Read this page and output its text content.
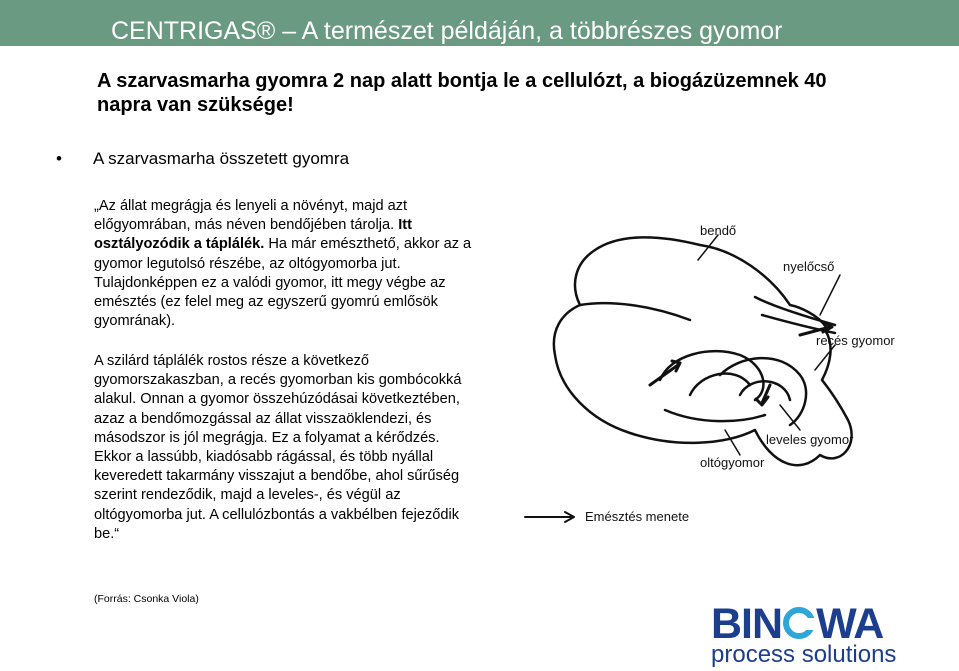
CENTRIGAS® – A természet példáján, a többrészes gyomor
A szarvasmarha gyomra 2 nap alatt bontja le a cellulózt, a biogázüzemnek 40 napra van szüksége!
• A szarvasmarha összetett gyomra
„Az állat megrágja és lenyeli a növényt, majd azt előgyomrában, más néven bendőjében tárolja. Itt osztályozódik a táplálék. Ha már emészthető, akkor az a gyomor legutolsó részébe, az oltógyomorba jut. Tulajdonképpen ez a valódi gyomor, itt megy végbe az emésztés (ez felel meg az egyszerű gyomrú emlősök gyomrának).
A szilárd táplálék rostos része a következő gyomorszakaszban, a recés gyomorban kis gombócokká alakul. Onnan a gyomor összehúzódásai következtében, azaz a bendőmozgással az állat visszaöklendezi, és másodszor is jól megrágja. Ez a folyamat a kérődzés. Ekkor a lassúbb, kiadósabb rágással, és több nyállal keveredett takarmány visszajut a bendőbe, ahol sűrűség szerint rendeződik, majd a leveles-, és végül az oltógyomorba jut. A cellulózbontás a vakbélben fejeződik be.“
(Forrás: Csonka Viola)
bendő
nyelőcső
recés gyomor
leveles gyomor
oltógyomor
Emésztés menete
BIN WA
process solutions
